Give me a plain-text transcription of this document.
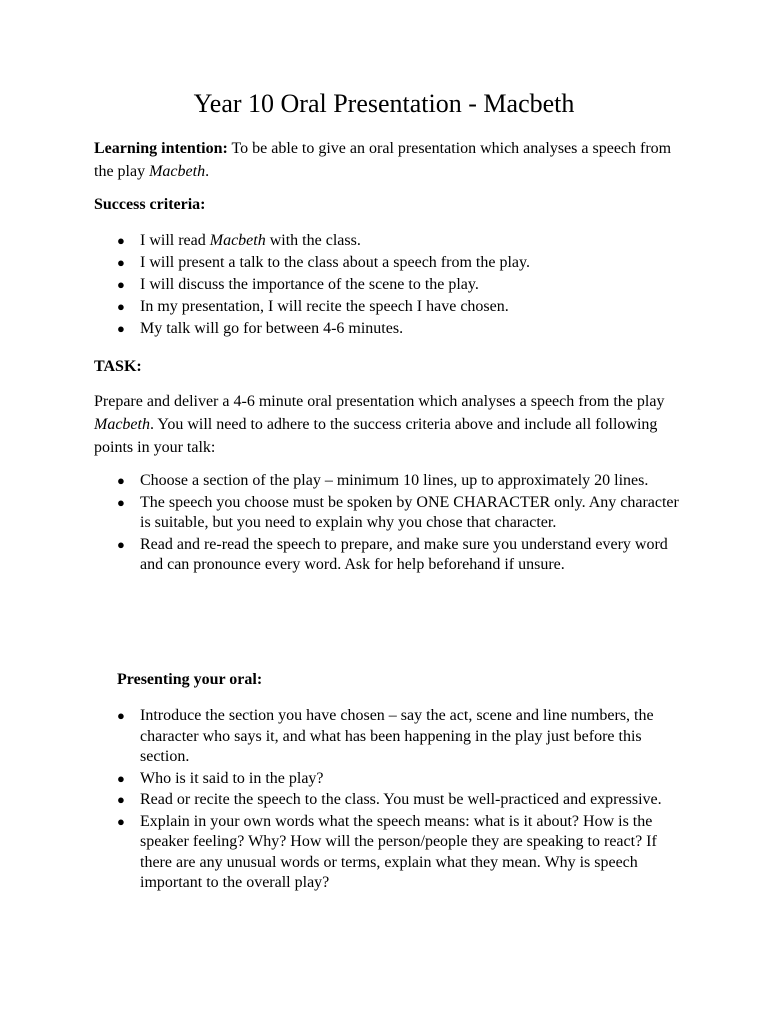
Year 10 Oral Presentation - Macbeth

Learning intention: To be able to give an oral presentation which analyses a speech from the play Macbeth.

Success criteria:

● I will read Macbeth with the class.
● I will present a talk to the class about a speech from the play.
● I will discuss the importance of the scene to the play.
● In my presentation, I will recite the speech I have chosen.
● My talk will go for between 4-6 minutes.

TASK:

Prepare and deliver a 4-6 minute oral presentation which analyses a speech from the play Macbeth. You will need to adhere to the success criteria above and include all following points in your talk:

● Choose a section of the play – minimum 10 lines, up to approximately 20 lines.
● The speech you choose must be spoken by ONE CHARACTER only. Any character is suitable, but you need to explain why you chose that character.
● Read and re-read the speech to prepare, and make sure you understand every word and can pronounce every word. Ask for help beforehand if unsure.

Presenting your oral:

● Introduce the section you have chosen – say the act, scene and line numbers, the character who says it, and what has been happening in the play just before this section.
● Who is it said to in the play?
● Read or recite the speech to the class. You must be well-practiced and expressive.
● Explain in your own words what the speech means: what is it about? How is the speaker feeling? Why? How will the person/people they are speaking to react? If there are any unusual words or terms, explain what they mean. Why is speech important to the overall play?
